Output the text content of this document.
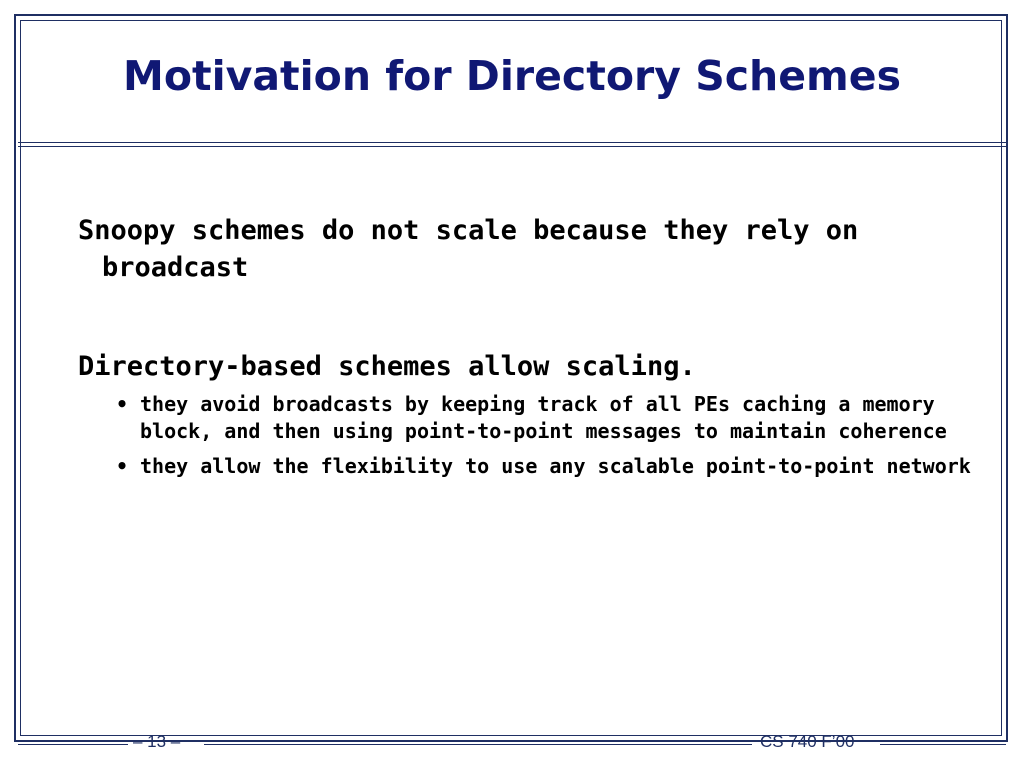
Motivation for Directory Schemes

Snoopy schemes do not scale because they rely on broadcast

Directory-based schemes allow scaling.

• they avoid broadcasts by keeping track of all PEs caching a memory block, and then using point-to-point messages to maintain coherence
• they allow the flexibility to use any scalable point-to-point network
– 13 –	CS 740 F’00
